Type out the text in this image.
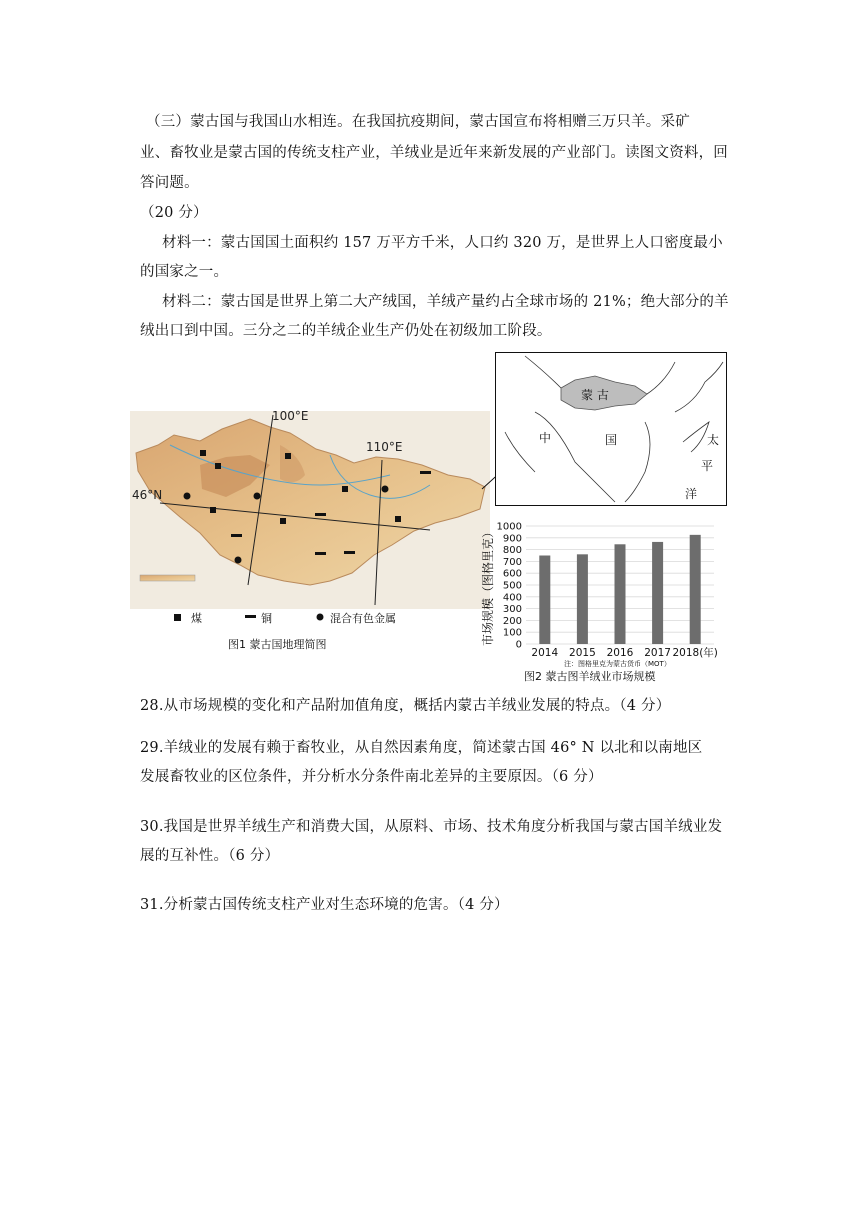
（三）蒙古国与我国山水相连。在我国抗疫期间，蒙古国宣布将相赠三万只羊。采矿
业、畜牧业是蒙古国的传统支柱产业，羊绒业是近年来新发展的产业部门。读图文资料，回
答问题。
（20 分）
材料一：蒙古国国土面积约 157 万平方千米，人口约 320 万，是世界上人口密度最小
的国家之一。
材料二：蒙古国是世界上第二大产绒国，羊绒产量约占全球市场的 21%；绝大部分的羊
绒出口到中国。三分之二的羊绒企业生产仍处在初级加工阶段。
100°E
110°E
46°N
煤	铜	混合有色金属
图1 蒙古国地理简图
蒙 古
中	国	太
平
洋
0
100
200
300
400
500
600
700
800
900
1000
2014 2015 2016 2017 2018(年)
市场规模（图格里克）
注：图格里克为蒙古货币（MOT）
图2 蒙古图羊绒业市场规模
28.从市场规模的变化和产品附加值角度，概括内蒙古羊绒业发展的特点。（4 分）
29.羊绒业的发展有赖于畜牧业，从自然因素角度，简述蒙古国 46° N 以北和以南地区
发展畜牧业的区位条件，并分析水分条件南北差异的主要原因。（6 分）
30.我国是世界羊绒生产和消费大国，从原料、市场、技术角度分析我国与蒙古国羊绒业发
展的互补性。（6 分）
31.分析蒙古国传统支柱产业对生态环境的危害。（4 分）
